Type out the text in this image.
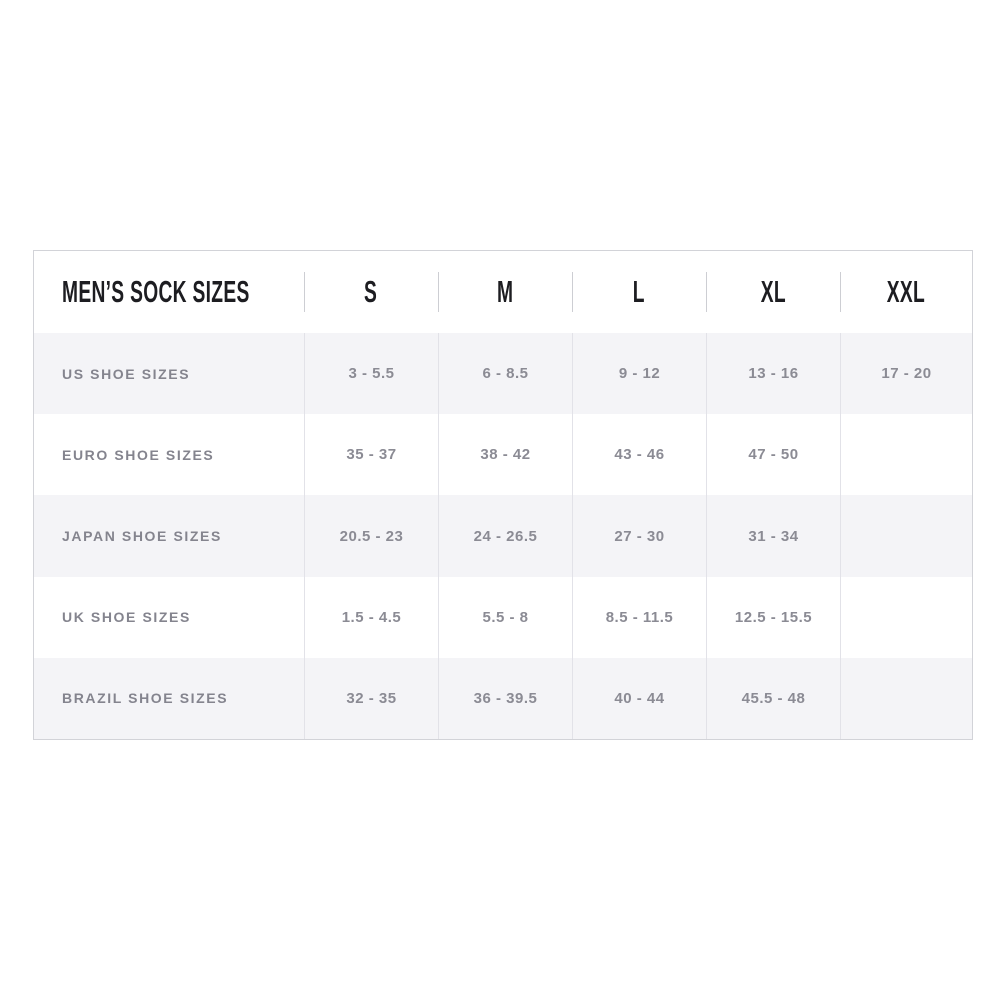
MEN’S SOCK SIZES	S	M	L	XL	XXL
US SHOE SIZES	3 - 5.5	6 - 8.5	9 - 12	13 - 16	17 - 20
EURO SHOE SIZES	35 - 37	38 - 42	43 - 46	47 - 50
JAPAN SHOE SIZES	20.5 - 23	24 - 26.5	27 - 30	31 - 34
UK SHOE SIZES	1.5 - 4.5	5.5 - 8	8.5 - 11.5	12.5 - 15.5
BRAZIL SHOE SIZES	32 - 35	36 - 39.5	40 - 44	45.5 - 48
